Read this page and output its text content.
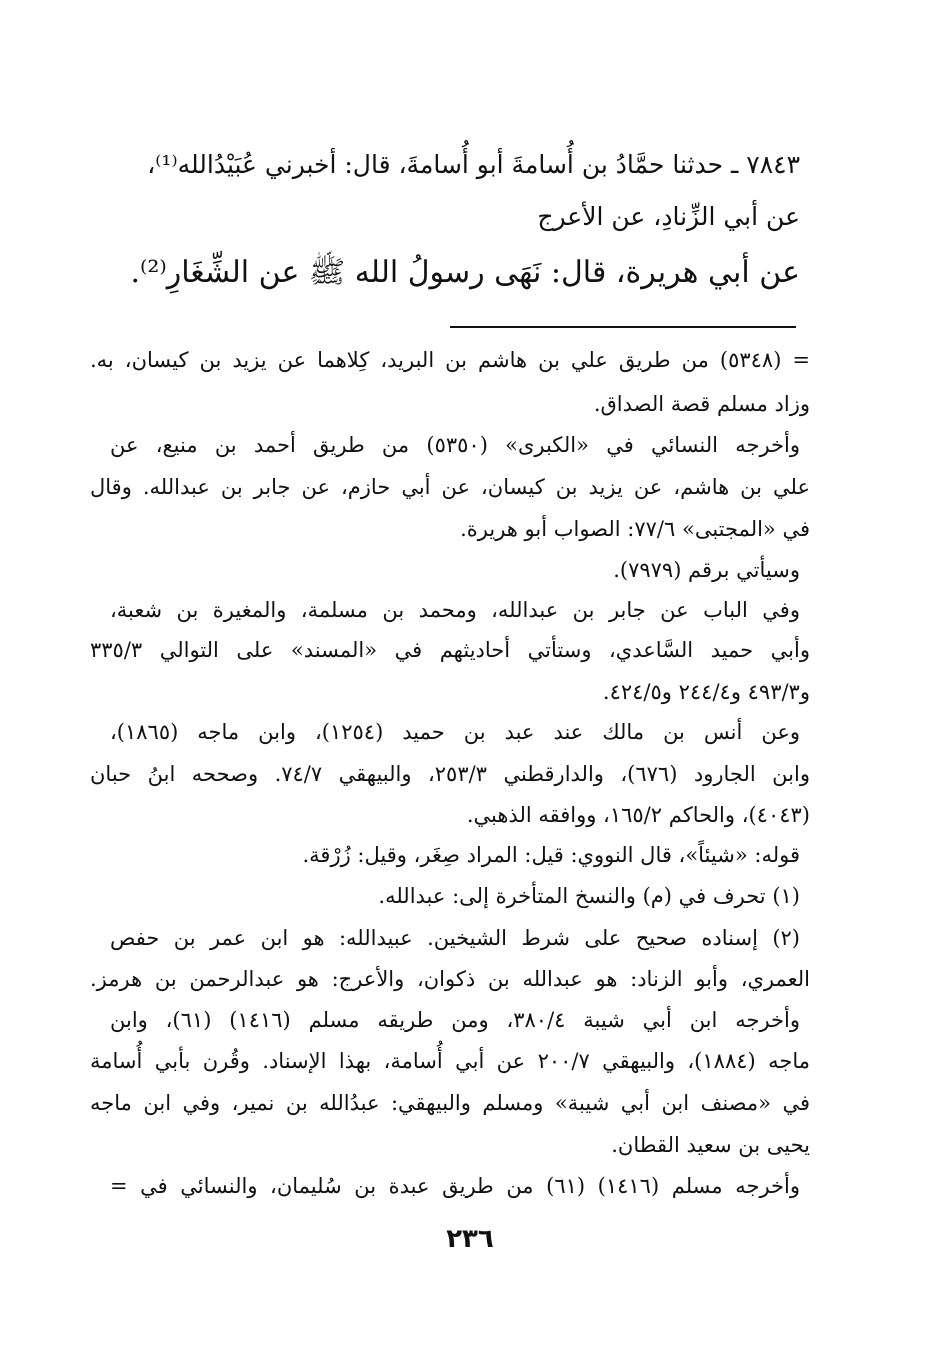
٧٨٤٣ ـ حدثنا حمَّادُ بن أُسامةَ أبو أُسامةَ، قال: أخبرني عُبَيْدُالله⁽¹⁾،
عن أبي الزِّنادِ، عن الأعرج
عن أبي هريرة، قال: نَهَى رسولُ الله ﷺ عن الشِّغَارِ⁽²⁾.
= (٥٣٤٨) من طريق علي بن هاشم بن البريد، كِلاهما عن يزيد بن كيسان، به.
وزاد مسلم قصة الصداق.
وأخرجه النسائي في «الكبرى» (٥٣٥٠) من طريق أحمد بن منيع، عن
علي بن هاشم، عن يزيد بن كيسان، عن أبي حازم، عن جابر بن عبدالله. وقال
في «المجتبى» ٧٧/٦: الصواب أبو هريرة.
وسيأتي برقم (٧٩٧٩).
وفي الباب عن جابر بن عبدالله، ومحمد بن مسلمة، والمغيرة بن شعبة،
وأبي حميد السَّاعدي، وستأتي أحاديثهم في «المسند» على التوالي ٣٣٥/٣
و٤٩٣/٣ و٢٤٤/٤ و٤٢٤/٥.
وعن أنس بن مالك عند عبد بن حميد (١٢٥٤)، وابن ماجه (١٨٦٥)،
وابن الجارود (٦٧٦)، والدارقطني ٢٥٣/٣، والبيهقي ٧٤/٧. وصححه ابنُ حبان
(٤٠٤٣)، والحاكم ١٦٥/٢، ووافقه الذهبي.
قوله: «شيئاً»، قال النووي: قيل: المراد صِغَر، وقيل: زُرْقة.
(١) تحرف في (م) والنسخ المتأخرة إلى: عبدالله.
(٢) إسناده صحيح على شرط الشيخين. عبيدالله: هو ابن عمر بن حفص
العمري، وأبو الزناد: هو عبدالله بن ذكوان، والأعرج: هو عبدالرحمن بن هرمز.
وأخرجه ابن أبي شيبة ٣٨٠/٤، ومن طريقه مسلم (١٤١٦) (٦١)، وابن
ماجه (١٨٨٤)، والبيهقي ٢٠٠/٧ عن أبي أُسامة، بهذا الإسناد. وقُرن بأبي أُسامة
في «مصنف ابن أبي شيبة» ومسلم والبيهقي: عبدُالله بن نمير، وفي ابن ماجه
يحيى بن سعيد القطان.
وأخرجه مسلم (١٤١٦) (٦١) من طريق عبدة بن سُليمان، والنسائي في =
٢٣٦
